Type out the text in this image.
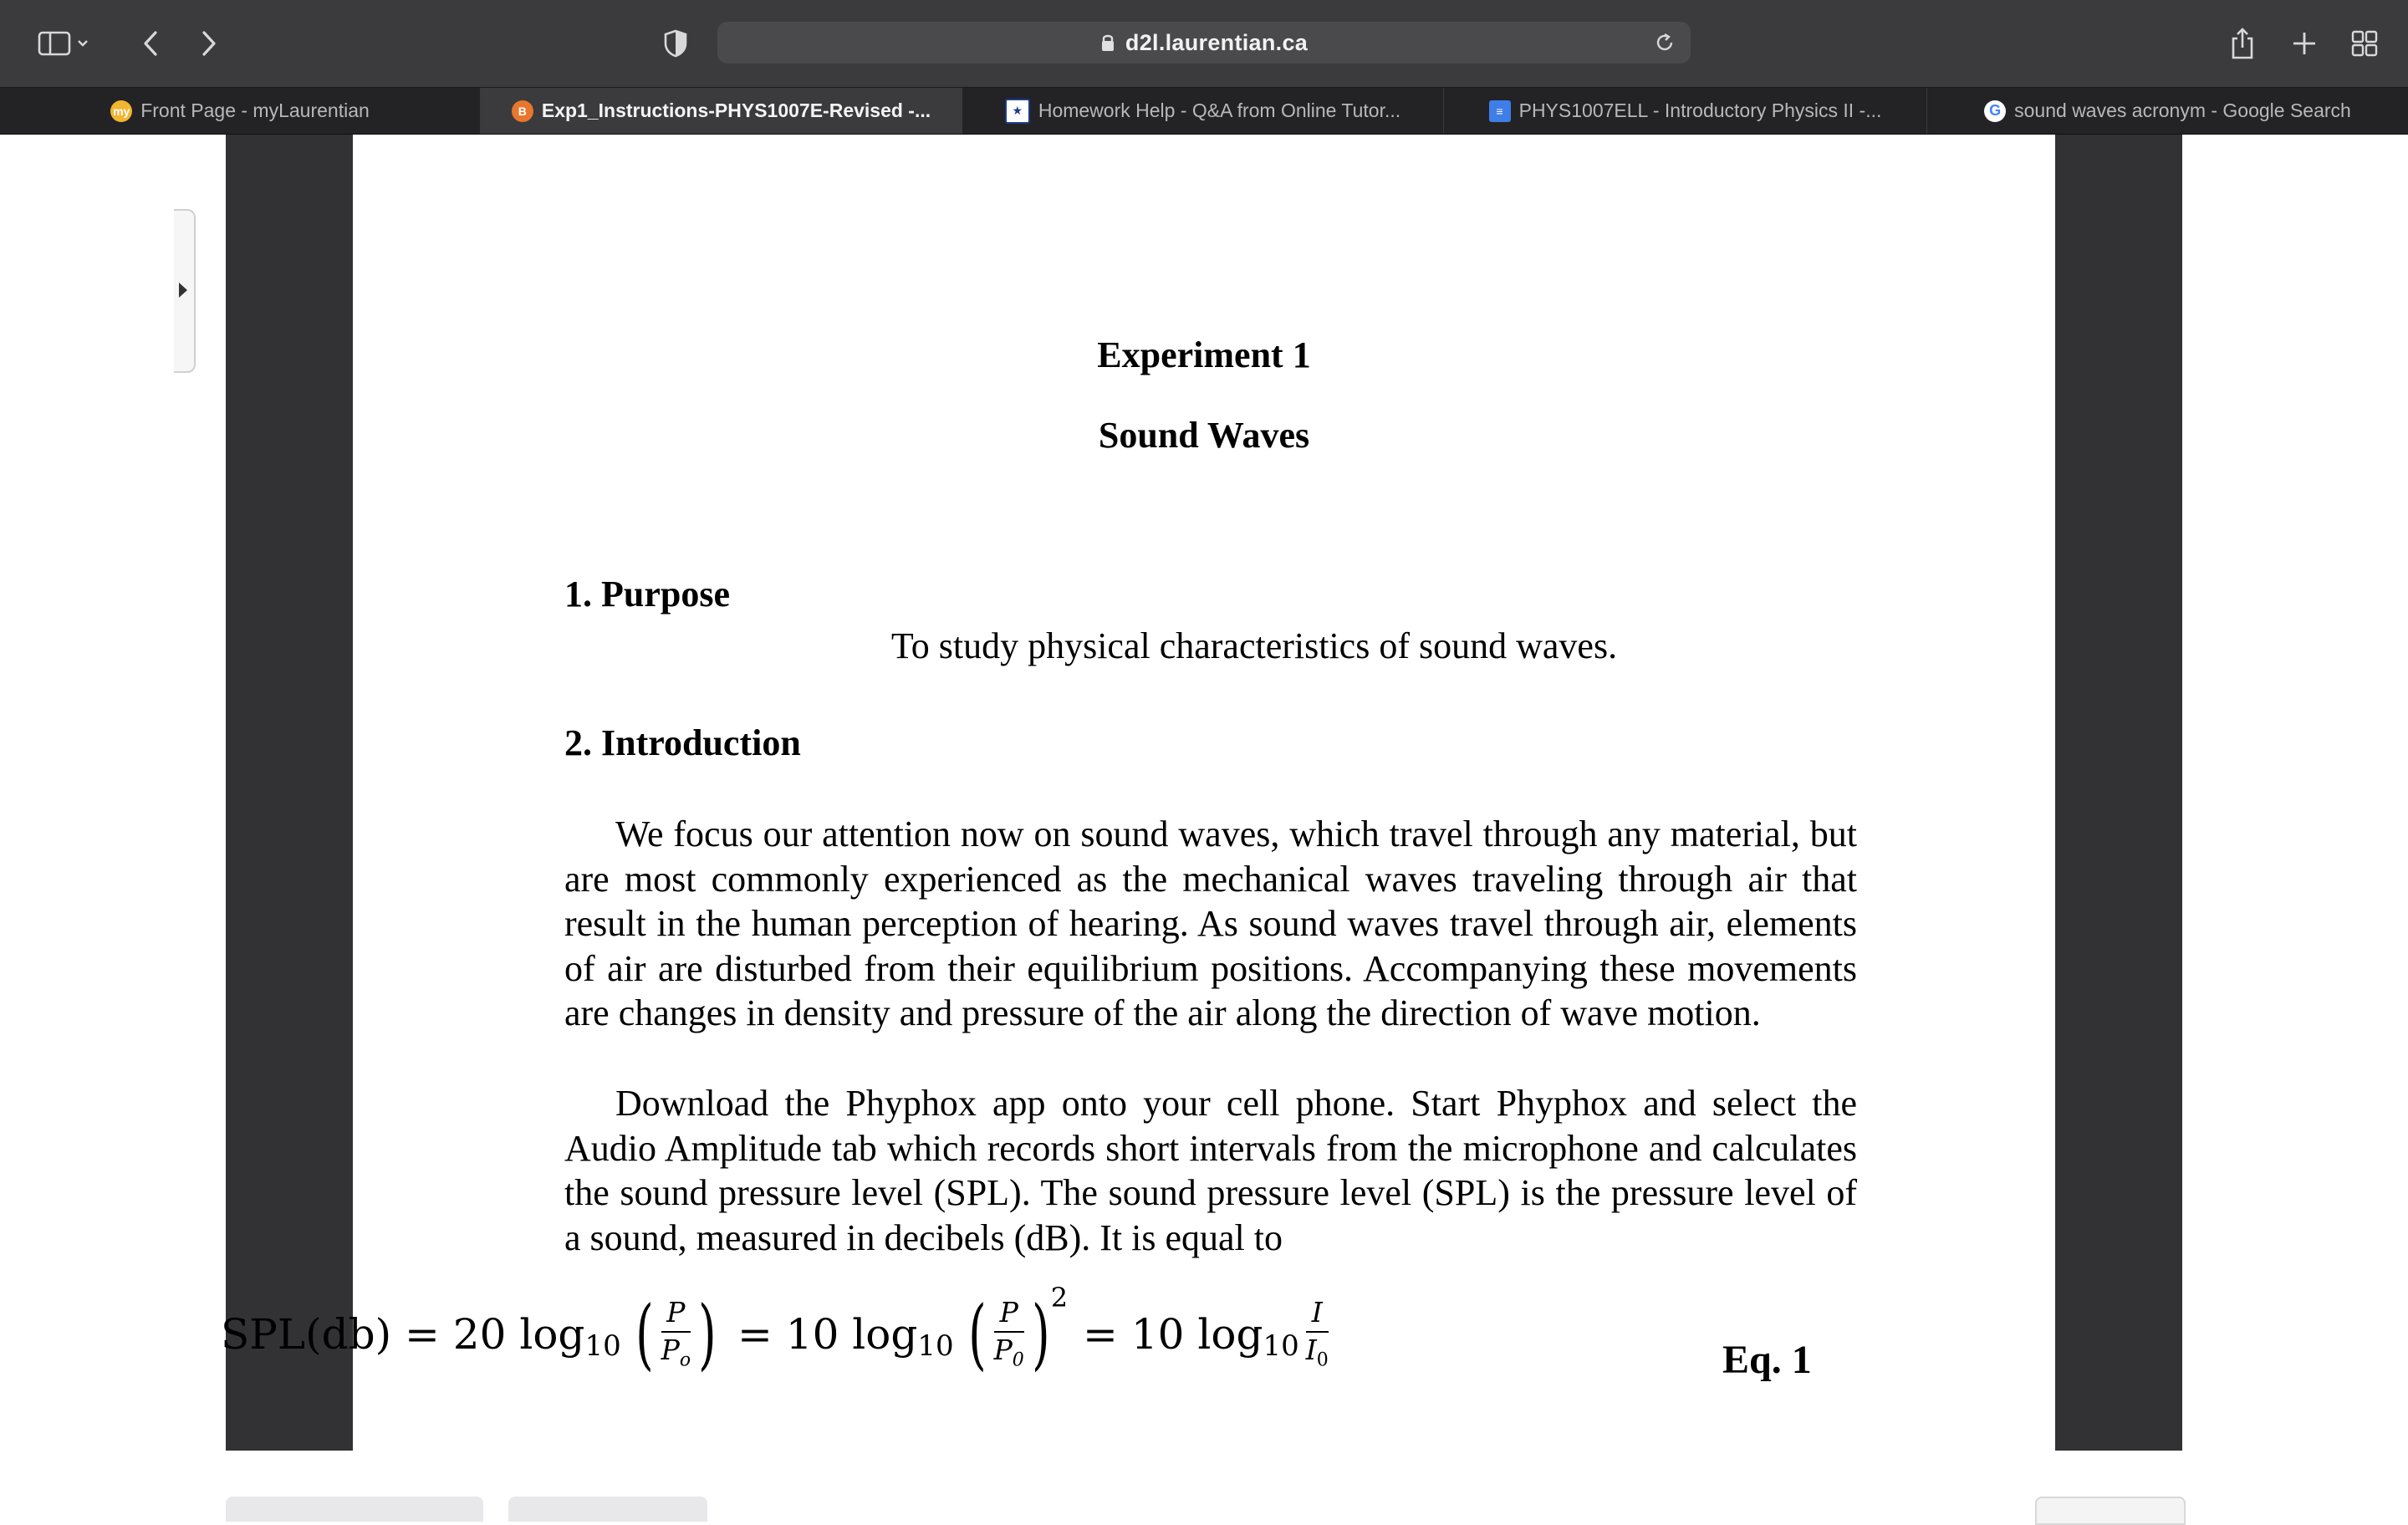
d2l.laurentian.ca
my Front Page - myLaurentian	B Exp1_Instructions-PHYS1007E-Revised -...	★ Homework Help - Q&A from Online Tutor...	≡ PHYS1007ELL - Introductory Physics II -...	G sound waves acronym - Google Search
Experiment 1
Sound Waves
1. Purpose
To study physical characteristics of sound waves.
2. Introduction

We focus our attention now on sound waves, which travel through any material, but are most commonly experienced as the mechanical waves traveling through air that result in the human perception of hearing. As sound waves travel through air, elements of air are disturbed from their equilibrium positions. Accompanying these movements are changes in density and pressure of the air along the direction of wave motion.

Download the Phyphox app onto your cell phone. Start Phyphox and select the Audio Amplitude tab which records short intervals from the microphone and calculates the sound pressure level (SPL). The sound pressure level (SPL) is the pressure level of a sound, measured in decibels (dB). It is equal to

SPL(db) = 20 log 10 ( $\frac{P}{P_o}$ ) = 10 log 10 ( $\frac{P}{P_0}$ ) 2
= 10 $\log 10 \frac{I}{I_0}$	Eq. 1
